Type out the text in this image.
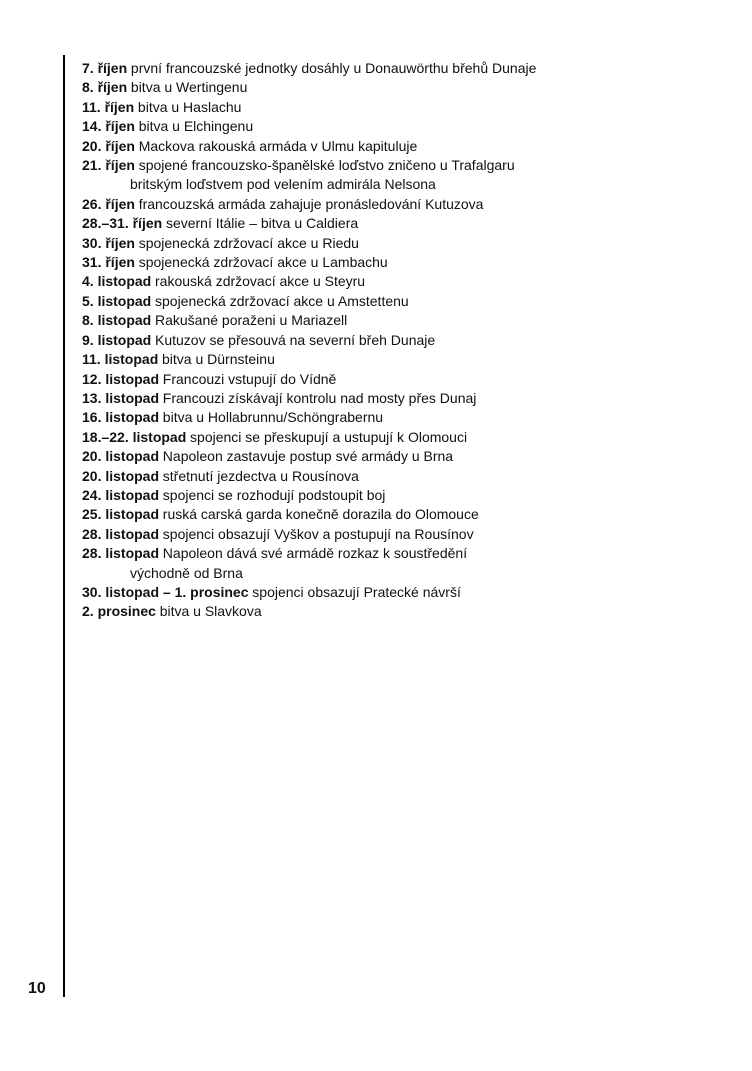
7. říjen první francouzské jednotky dosáhly u Donauwörthu břehů Dunaje
8. říjen bitva u Wertingenu
11. říjen bitva u Haslachu
14. říjen bitva u Elchingenu
20. říjen Mackova rakouská armáda v Ulmu kapituluje
21. říjen spojené francouzsko-španělské loďstvo zničeno u Trafalgaru
britským loďstvem pod velením admirála Nelsona
26. říjen francouzská armáda zahajuje pronásledování Kutuzova
28.–31. říjen severní Itálie – bitva u Caldiera
30. říjen spojenecká zdržovací akce u Riedu
31. říjen spojenecká zdržovací akce u Lambachu
4. listopad rakouská zdržovací akce u Steyru
5. listopad spojenecká zdržovací akce u Amstettenu
8. listopad Rakušané poraženi u Mariazell
9. listopad Kutuzov se přesouvá na severní břeh Dunaje
11. listopad bitva u Dürnsteinu
12. listopad Francouzi vstupují do Vídně
13. listopad Francouzi získávají kontrolu nad mosty přes Dunaj
16. listopad bitva u Hollabrunnu/Schöngrabernu
18.–22. listopad spojenci se přeskupují a ustupují k Olomouci
20. listopad Napoleon zastavuje postup své armády u Brna
20. listopad střetnutí jezdectva u Rousínova
24. listopad spojenci se rozhodují podstoupit boj
25. listopad ruská carská garda konečně dorazila do Olomouce
28. listopad spojenci obsazují Vyškov a postupují na Rousínov
28. listopad Napoleon dává své armádě rozkaz k soustředění
východně od Brna
30. listopad – 1. prosinec spojenci obsazují Pratecké návrší
2. prosinec bitva u Slavkova
10
